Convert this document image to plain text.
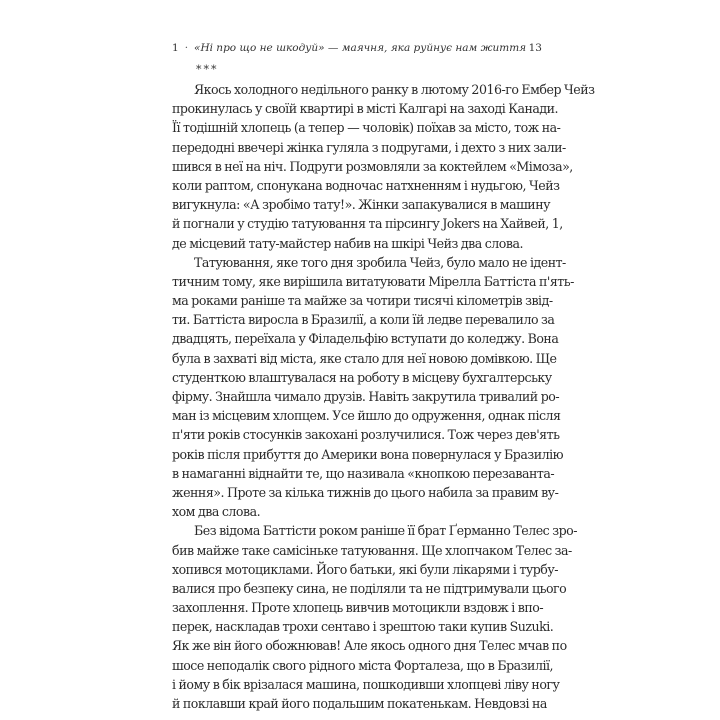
1 · «Ні про що не шкодуй» — маячня, яка руйнує нам життя 13
***
Якось холодного недільного ранку в лютому 2016-го Ембер Чейз
прокинулась у своїй квартирі в місті Калгарі на заході Канади.
Її тодішній хлопець (а тепер — чоловік) поїхав за місто, тож на-
передодні ввечері жінка гуляла з подругами, і дехто з них зали-
шився в неї на ніч. Подруги розмовляли за коктейлем «Мімоза»,
коли раптом, спонукана водночас натхненням і нудьгою, Чейз
вигукнула: «А зробімо тату!». Жінки запакувалися в машину
й погнали у студію татуювання та пірсингу Jokers на Хайвей, 1,
де місцевий тату-майстер набив на шкірі Чейз два слова.
Татуювання, яке того дня зробила Чейз, було мало не ідент-
тичним тому, яке вирішила витатуювати Мірелла Баттіста п'ять-
ма роками раніше та майже за чотири тисячі кілометрів звід-
ти. Баттіста виросла в Бразилії, а коли їй ледве перевалило за
двадцять, переїхала у Філадельфію вступати до коледжу. Вона
була в захваті від міста, яке стало для неї новою домівкою. Ще
студенткою влаштувалася на роботу в місцеву бухгалтерську
фірму. Знайшла чимало друзів. Навіть закрутила тривалий ро-
ман із місцевим хлопцем. Усе йшло до одруження, однак після
п'яти років стосунків закохані розлучилися. Тож через дев'ять
років після прибуття до Америки вона повернулася у Бразилію
в намаганні віднайти те, що називала «кнопкою перезаванта-
ження». Проте за кілька тижнів до цього набила за правим ву-
хом два слова.
Без відома Баттісти роком раніше її брат Ґерманно Телес зро-
бив майже таке самісіньке татуювання. Ще хлопчаком Телес за-
хопився мотоциклами. Його батьки, які були лікарями і турбу-
валися про безпеку сина, не поділяли та не підтримували цього
захоплення. Проте хлопець вивчив мотоцикли вздовж і впо-
перек, наскладав трохи сентаво і зрештою таки купив Suzuki.
Як же він його обожнював! Але якось одного дня Телес мчав по
шосе неподалік свого рідного міста Форталеза, що в Бразилії,
і йому в бік врізалася машина, пошкодивши хлопцеві ліву ногу
й поклавши край його подальшим покатенькам. Невдовзі на
